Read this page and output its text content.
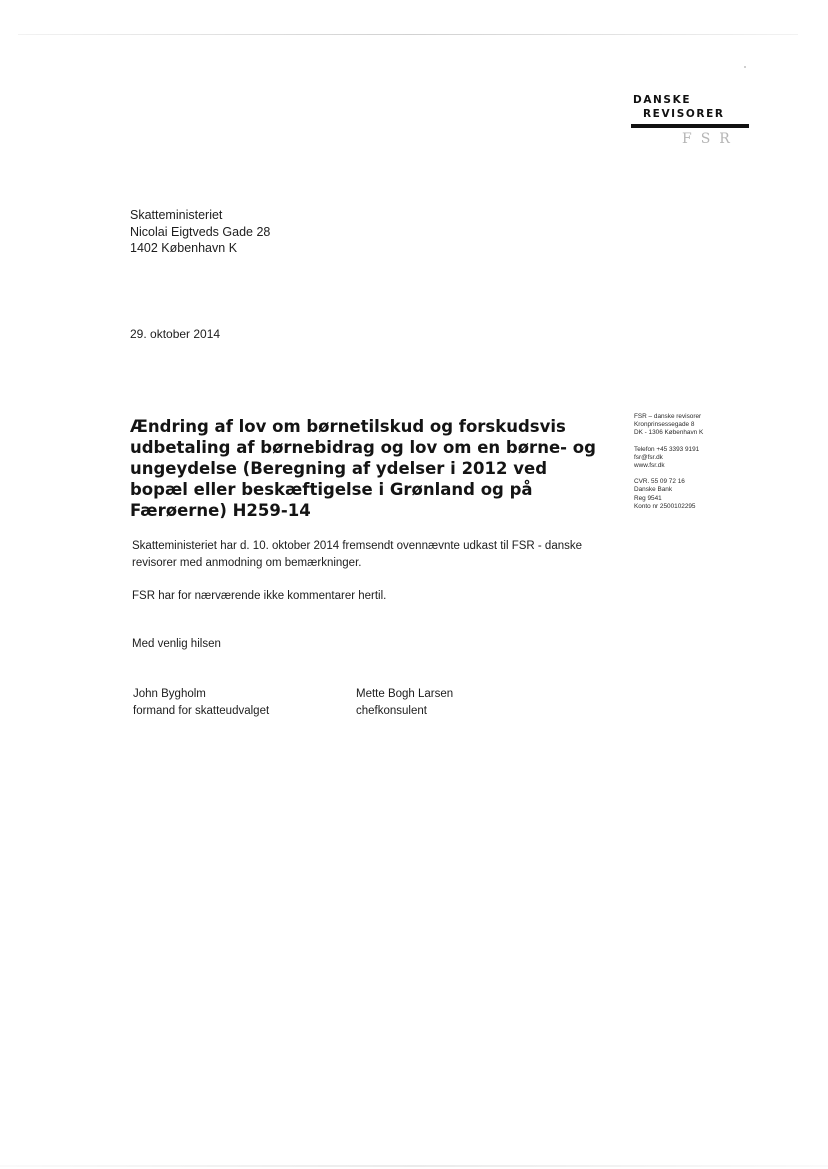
DANSKE
REVISORER
FSR
Skatteministeriet
Nicolai Eigtveds Gade 28
1402 København K
29. oktober 2014
Ændring af lov om børnetilskud og forskudsvis udbetaling af børnebidrag og lov om en børne- og ungeydelse (Beregning af ydelser i 2012 ved bopæl eller beskæftigelse i Grønland og på Færøerne) H259-14

Skatteministeriet har d. 10. oktober 2014 fremsendt ovennævnte udkast til FSR - danske revisorer med anmodning om bemærkninger.

FSR har for nærværende ikke kommentarer hertil.

Med venlig hilsen

John Bygholm
formand for skatteudvalget
Mette Bogh Larsen
chefkonsulent
FSR – danske revisorer
Kronprinsessegade 8
DK - 1306 København K
Telefon +45 3393 9191
fsr@fsr.dk
www.fsr.dk
CVR. 55 09 72 16
Danske Bank
Reg 9541
Konto nr 2500102295
